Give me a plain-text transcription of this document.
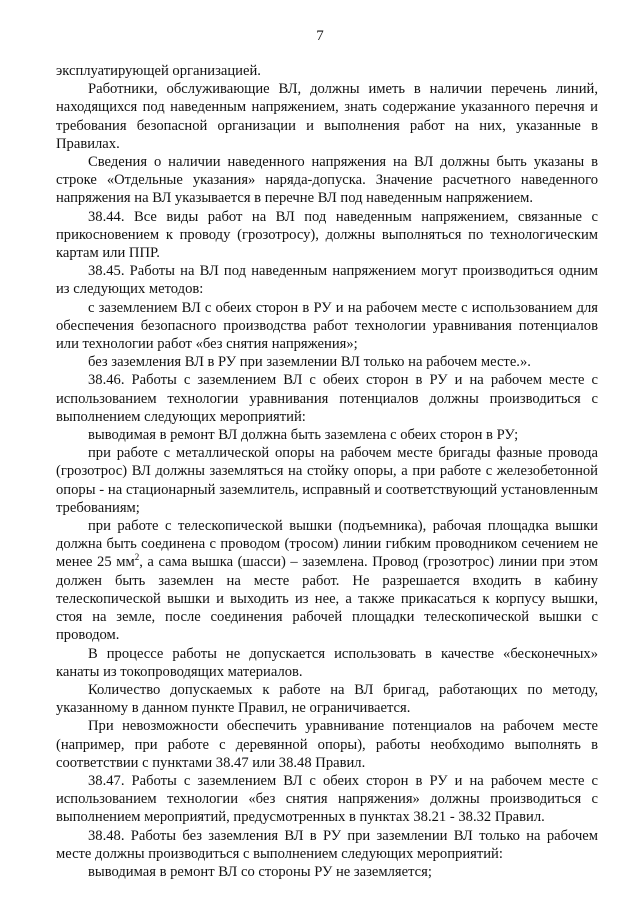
7

эксплуатирующей организацией.

Работники, обслуживающие ВЛ, должны иметь в наличии перечень линий, находящихся под наведенным напряжением, знать содержание указанного перечня и требования безопасной организации и выполнения работ на них, указанные в Правилах.

Сведения о наличии наведенного напряжения на ВЛ должны быть указаны в строке «Отдельные указания» наряда-допуска. Значение расчетного наведенного напряжения на ВЛ указывается в перечне ВЛ под наведенным напряжением.

38.44. Все виды работ на ВЛ под наведенным напряжением, связанные с прикосновением к проводу (грозотросу), должны выполняться по технологическим картам или ППР.

38.45. Работы на ВЛ под наведенным напряжением могут производиться одним из следующих методов:

с заземлением ВЛ с обеих сторон в РУ и на рабочем месте с использованием для обеспечения безопасного производства работ технологии уравнивания потенциалов или технологии работ «без снятия напряжения»;

без заземления ВЛ в РУ при заземлении ВЛ только на рабочем месте.».

38.46. Работы с заземлением ВЛ с обеих сторон в РУ и на рабочем месте с использованием технологии уравнивания потенциалов должны производиться с выполнением следующих мероприятий:

выводимая в ремонт ВЛ должна быть заземлена с обеих сторон в РУ;

при работе с металлической опоры на рабочем месте бригады фазные провода (грозотрос) ВЛ должны заземляться на стойку опоры, а при работе с железобетонной опоры - на стационарный заземлитель, исправный и соответствующий установленным требованиям;

при работе с телескопической вышки (подъемника), рабочая площадка вышки должна быть соединена с проводом (тросом) линии гибким проводником сечением не менее 25 $мм^2$, а сама вышка (шасси) – заземлена. Провод (грозотрос) линии при этом должен быть заземлен на месте работ. Не разрешается входить в кабину телескопической вышки и выходить из нее, а также прикасаться к корпусу вышки, стоя на земле, после соединения рабочей площадки телескопической вышки с проводом.

В процессе работы не допускается использовать в качестве «бесконечных» канаты из токопроводящих материалов.

Количество допускаемых к работе на ВЛ бригад, работающих по методу, указанному в данном пункте Правил, не ограничивается.

При невозможности обеспечить уравнивание потенциалов на рабочем месте (например, при работе с деревянной опоры), работы необходимо выполнять в соответствии с пунктами 38.47 или 38.48 Правил.

38.47. Работы с заземлением ВЛ с обеих сторон в РУ и на рабочем месте с использованием технологии «без снятия напряжения» должны производиться с выполнением мероприятий, предусмотренных в пунктах 38.21 - 38.32 Правил.

38.48. Работы без заземления ВЛ в РУ при заземлении ВЛ только на рабочем месте должны производиться с выполнением следующих мероприятий:

выводимая в ремонт ВЛ со стороны РУ не заземляется;
